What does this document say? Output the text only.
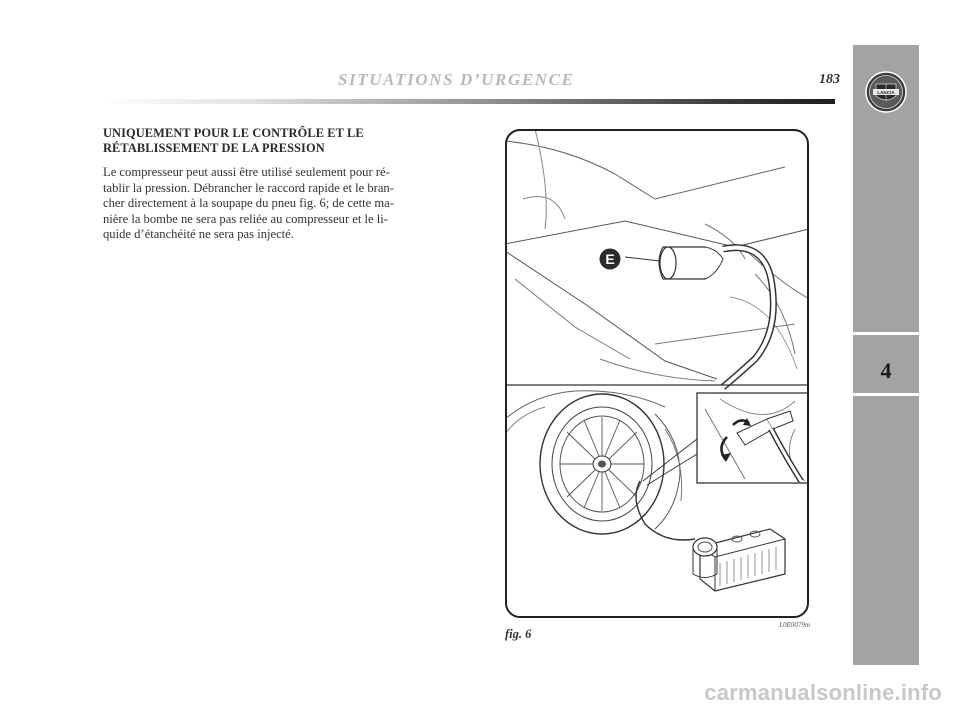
SITUATIONS D’URGENCE	183
4
LANCIA
UNIQUEMENT POUR LE CONTRÔLE ET LE
RÉTABLISSEMENT DE LA PRESSION
Le compresseur peut aussi être utilisé seulement pour ré-
tablir la pression. Débrancher le raccord rapide et le bran-
cher directement à la soupape du pneu fig. 6; de cette ma-
nière la bombe ne sera pas reliée au compresseur et le li-
quide d’étanchéité ne sera pas injecté.
E
fig. 6
L0E0079m
carmanualsonline.info
